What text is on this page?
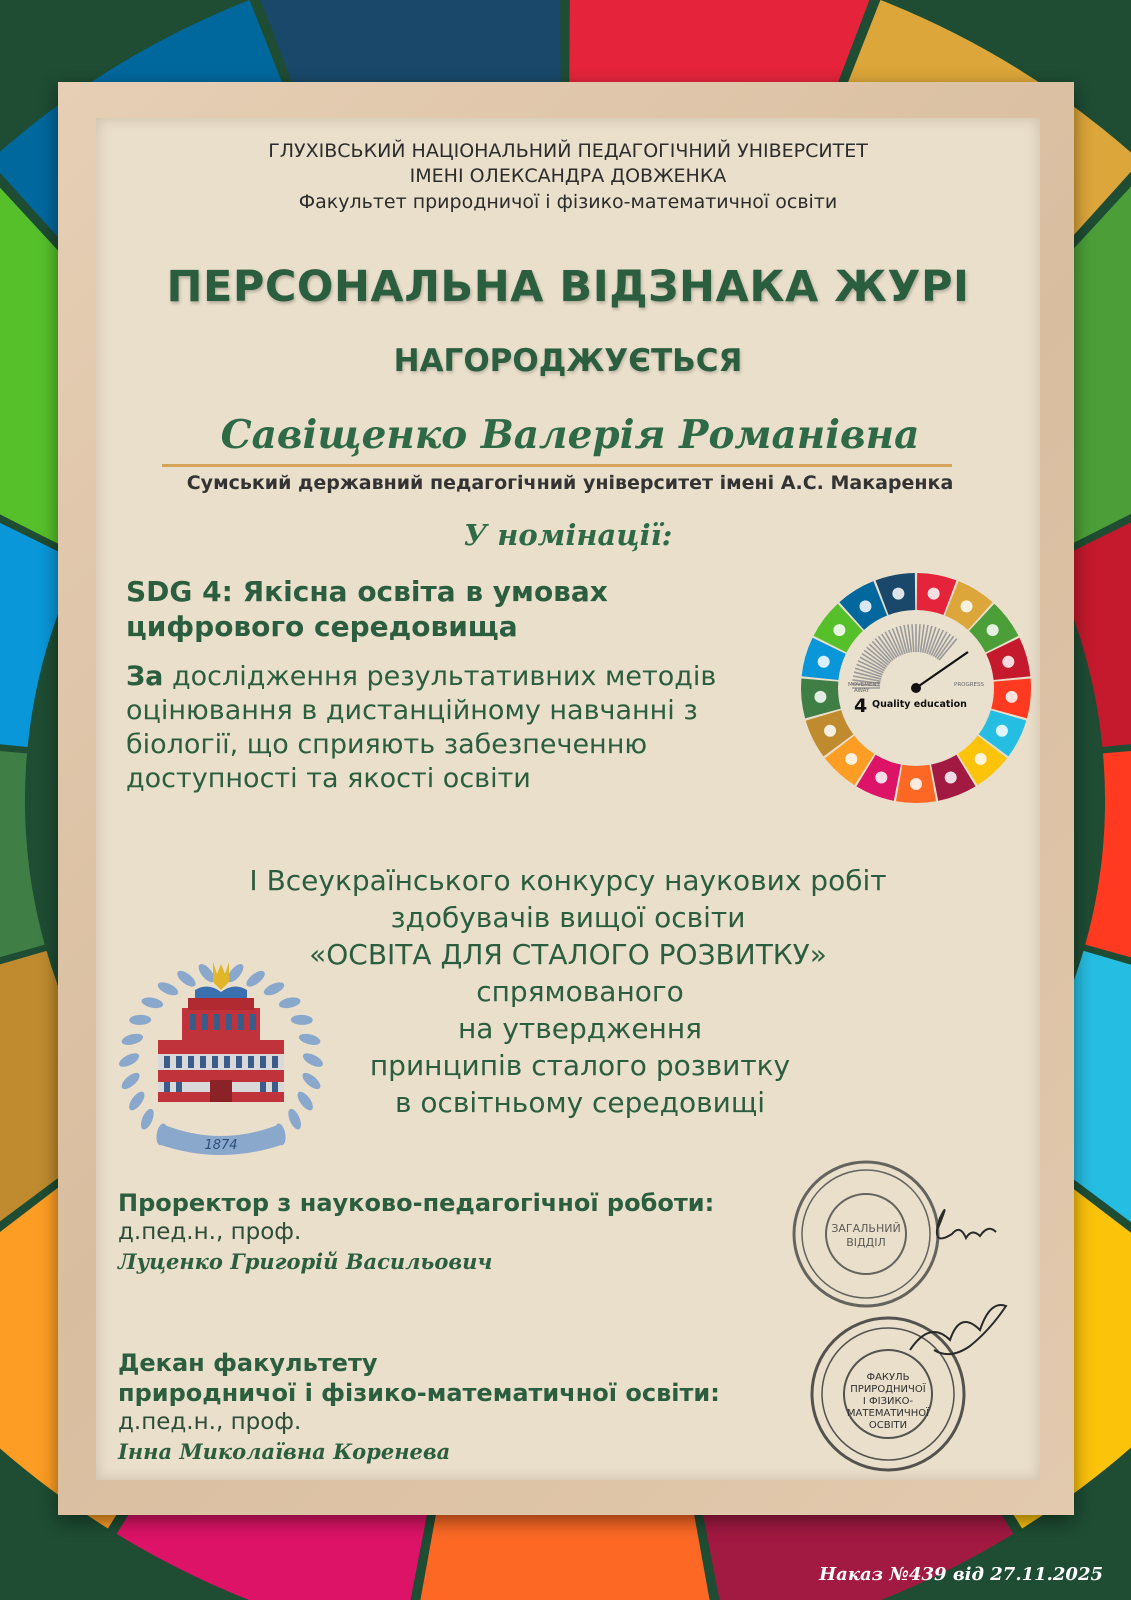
ГЛУХІВСЬКИЙ НАЦІОНАЛЬНИЙ ПЕДАГОГІЧНИЙ УНІВЕРСИТЕТ
ІМЕНІ ОЛЕКСАНДРА ДОВЖЕНКА
Факультет природничої і фізико-математичної освіти
ПЕРСОНАЛЬНА ВІДЗНАКА ЖУРІ
НАГОРОДЖУЄТЬСЯ
Савіщенко Валерія Романівна
Сумський державний педагогічний університет імені А.С. Макаренка
У номінації:
SDG 4: Якісна освіта в умовах
цифрового середовища
За дослідження результативних методів оцінювання в дистанційному навчанні з біології, що сприяють забезпеченню доступності та якості освіти
4 Quality education
MOVEMENT
AWAY
PROGRESS
І Всеукраїнського конкурсу наукових робіт
здобувачів вищої освіти
«ОСВІТА ДЛЯ СТАЛОГО РОЗВИТКУ»
спрямованого
на утвердження
принципів сталого розвитку
в освітньому середовищі
1874
Проректор з науково-педагогічної роботи:
д.пед.н., проф.
Луценко Григорій Васильович
Декан факультету
природничої і фізико-математичної освіти:
д.пед.н., проф.
Інна Миколаївна Коренева
ЗАГАЛЬНИЙ
ВІДДІЛ
ФАКУЛЬ
ПРИРОДНИЧОЇ
І ФІЗИКО-
МАТЕМАТИЧНОЇ
ОСВІТИ
Наказ №439 від 27.11.2025
